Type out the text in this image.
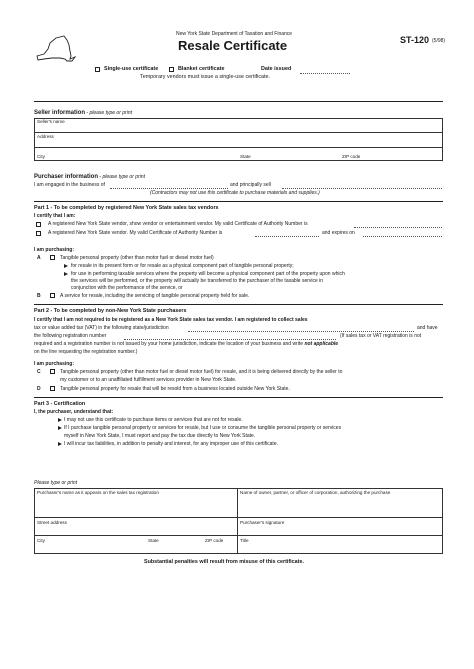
New York State Department of Taxation and Finance
Resale Certificate	ST-120 (5/98)
Single-use certificate	Blanket certificate	Date issued
Temporary vendors must issue a single-use certificate.
Seller information - please type or print
Seller's name
Address
City	State	ZIP code
Purchaser information - please type or print
I am engaged in the business of	and principally sell
(Contractors may not use this certificate to purchase materials and supplies.)
Part 1 - To be completed by registered New York State sales tax vendors
I certify that I am:
A registered New York State vendor, show vendor or entertainment vendor. My valid Certificate of Authority Number is
A registered New York State vendor. My valid Certificate of Authority Number is	and expires on
I am purchasing:
A	Tangible personal property (other than motor fuel or diesel motor fuel)
for resale in its present form or for resale as a physical component part of tangible personal property;
for use in performing taxable services where the property will become a physical component part of the property upon which
the services will be performed, or the property will actually be transferred to the purchaser of the taxable service in
conjunction with the performance of the service, or
B	A service for resale, including the servicing of tangible personal property held for sale.
Part 2 - To be completed by non-New York State purchasers
I certify that I am not required to be registered as a New York State sales tax vendor. I am registered to collect sales
tax or value added tax (VAT) in the following state/jurisdiction	and have
the following registration number	(If sales tax or VAT registration is not
required and a registration number is not issued by your home jurisdiction, indicate the location of your business and write not applicable
on the line requesting the registration number.)
I am purchasing:
C	Tangible personal property (other than motor fuel or diesel motor fuel) for resale, and it is being delivered directly by the seller to
my customer or to an unaffiliated fulfillment services provider in New York State.
D	Tangible personal property for resale that will be resold from a business located outside New York State.
Part 3 - Certification
I, the purchaser, understand that:
I may not use this certificate to purchase items or services that are not for resale.
If I purchase tangible personal property or services for resale, but I use or consume the tangible personal property or services
myself in New York State, I must report and pay the tax due directly to New York State.
I will incur tax liabilities, in addition to penalty and interest, for any improper use of this certificate.
Please type or print
Purchaser's name as it appears on the sales tax registration	Name of owner, partner, or officer of corporation, authorizing the purchase
Street address	Purchaser's signature
City	State	ZIP code	Title
Substantial penalties will result from misuse of this certificate.
